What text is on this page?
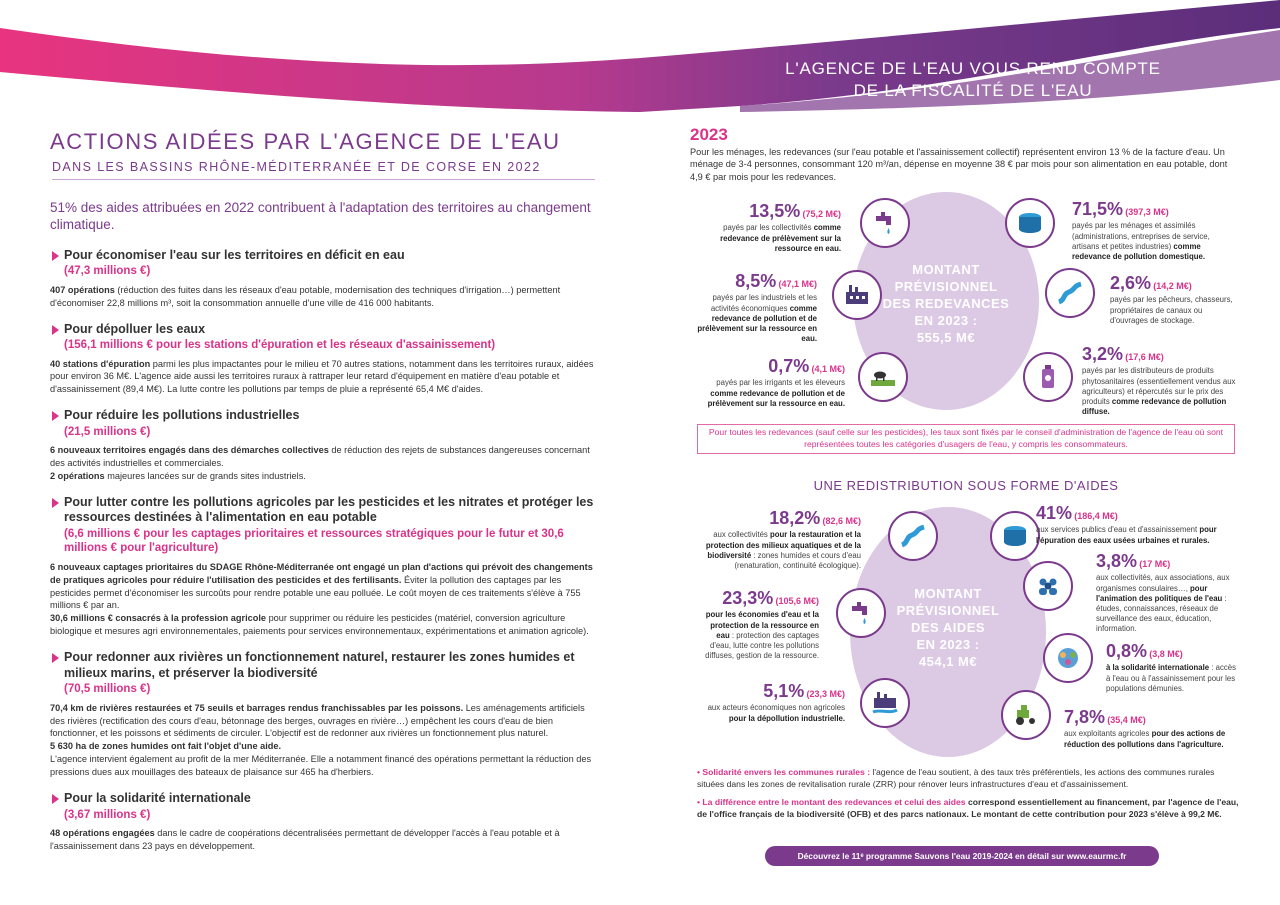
L'AGENCE DE L'EAU VOUS REND COMPTE
DE LA FISCALITÉ DE L'EAU
ACTIONS AIDÉES PAR L'AGENCE DE L'EAU
DANS LES BASSINS RHÔNE-MÉDITERRANÉE ET DE CORSE EN 2022

51% des aides attribuées en 2022 contribuent à l'adaptation des territoires au changement climatique.

Pour économiser l'eau sur les territoires en déficit en eau

(47,3 millions €)

407 opérations (réduction des fuites dans les réseaux d'eau potable, modernisation des techniques d'irrigation…) permettent d'économiser 22,8 millions m³, soit la consommation annuelle d'une ville de 416 000 habitants.

Pour dépolluer les eaux

(156,1 millions € pour les stations d'épuration et les réseaux d'assainissement)

40 stations d'épuration parmi les plus impactantes pour le milieu et 70 autres stations, notamment dans les territoires ruraux, aidées pour environ 36 M€. L'agence aide aussi les territoires ruraux à rattraper leur retard d'équipement en matière d'eau potable et d'assainissement (89,4 M€). La lutte contre les pollutions par temps de pluie a représenté 65,4 M€ d'aides.

Pour réduire les pollutions industrielles

(21,5 millions €)

6 nouveaux territoires engagés dans des démarches collectives de réduction des rejets de substances dangereuses concernant des activités industrielles et commerciales.
2 opérations majeures lancées sur de grands sites industriels.

Pour lutter contre les pollutions agricoles par les pesticides et les nitrates et protéger les ressources destinées à l'alimentation en eau potable

(6,6 millions € pour les captages prioritaires et ressources stratégiques pour le futur et 30,6 millions € pour l'agriculture)

6 nouveaux captages prioritaires du SDAGE Rhône-Méditerranée ont engagé un plan d'actions qui prévoit des changements de pratiques agricoles pour réduire l'utilisation des pesticides et des fertilisants. Éviter la pollution des captages par les pesticides permet d'économiser les surcoûts pour rendre potable une eau polluée. Le coût moyen de ces traitements s'élève à 755 millions € par an.
30,6 millions € consacrés à la profession agricole pour supprimer ou réduire les pesticides (matériel, conversion agriculture biologique et mesures agri environnementales, paiements pour services environnementaux, expérimentations et animation agricole).

Pour redonner aux rivières un fonctionnement naturel, restaurer les zones humides et milieux marins, et préserver la biodiversité

(70,5 millions €)

70,4 km de rivières restaurées et 75 seuils et barrages rendus franchissables par les poissons. Les aménagements artificiels des rivières (rectification des cours d'eau, bétonnage des berges, ouvrages en rivière…) empêchent les cours d'eau de bien fonctionner, et les poissons et sédiments de circuler. L'objectif est de redonner aux rivières un fonctionnement plus naturel.
5 630 ha de zones humides ont fait l'objet d'une aide.
L'agence intervient également au profit de la mer Méditerranée. Elle a notamment financé des opérations permettant la réduction des pressions dues aux mouillages des bateaux de plaisance sur 465 ha d'herbiers.

Pour la solidarité internationale

(3,67 millions €)

48 opérations engagées dans le cadre de coopérations décentralisées permettant de développer l'accès à l'eau potable et à l'assainissement dans 23 pays en développement.

2023

Pour les ménages, les redevances (sur l'eau potable et l'assainissement collectif) représentent environ 13 % de la facture d'eau. Un ménage de 3-4 personnes, consommant 120 m³/an, dépense en moyenne 38 € par mois pour son alimentation en eau potable, dont 4,9 € par mois pour les redevances.

MONTANT
PRÉVISIONNEL
DES REDEVANCES
EN 2023 :
555,5 M€
13,5% (75,2 M€)
payés par les collectivités comme redevance de prélèvement sur la ressource en eau.
8,5% (47,1 M€)
payés par les industriels et les activités économiques comme redevance de pollution et de prélèvement sur la ressource en eau.
0,7% (4,1 M€)
payés par les irrigants et les éleveurs comme redevance de pollution et de prélèvement sur la ressource en eau.
71,5% (397,3 M€)
payés par les ménages et assimilés (administrations, entreprises de service, artisans et petites industries) comme redevance de pollution domestique.
2,6% (14,2 M€)
payés par les pêcheurs, chasseurs, propriétaires de canaux ou d'ouvrages de stockage.
3,2% (17,6 M€)
payés par les distributeurs de produits phytosanitaires (essentiellement vendus aux agriculteurs) et répercutés sur le prix des produits comme redevance de pollution diffuse.
Pour toutes les redevances (sauf celle sur les pesticides), les taux sont fixés par le conseil d'administration de l'agence de l'eau où sont représentées toutes les catégories d'usagers de l'eau, y compris les consommateurs.
UNE REDISTRIBUTION SOUS FORME D'AIDES
MONTANT
PRÉVISIONNEL
DES AIDES
EN 2023 :
454,1 M€
18,2% (82,6 M€)
aux collectivités pour la restauration et la protection des milieux aquatiques et de la biodiversité : zones humides et cours d'eau (renaturation, continuité écologique).
23,3% (105,6 M€)
pour les économies d'eau et la protection de la ressource en eau : protection des captages d'eau, lutte contre les pollutions diffuses, gestion de la ressource.
5,1% (23,3 M€)
aux acteurs économiques non agricoles pour la dépollution industrielle.
41% (186,4 M€)
aux services publics d'eau et d'assainissement pour l'épuration des eaux usées urbaines et rurales.
3,8% (17 M€)
aux collectivités, aux associations, aux organismes consulaires…, pour l'animation des politiques de l'eau : études, connaissances, réseaux de surveillance des eaux, éducation, information.
0,8% (3,8 M€)
à la solidarité internationale : accès à l'eau ou à l'assainissement pour les populations démunies.
7,8% (35,4 M€)
aux exploitants agricoles pour des actions de réduction des pollutions dans l'agriculture.
• Solidarité envers les communes rurales : l'agence de l'eau soutient, à des taux très préférentiels, les actions des communes rurales situées dans les zones de revitalisation rurale (ZRR) pour rénover leurs infrastructures d'eau et d'assainissement.
• La différence entre le montant des redevances et celui des aides correspond essentiellement au financement, par l'agence de l'eau, de l'office français de la biodiversité (OFB) et des parcs nationaux. Le montant de cette contribution pour 2023 s'élève à 99,2 M€.
Découvrez le 11ᵉ programme Sauvons l'eau 2019-2024 en détail sur www.eaurmc.fr
